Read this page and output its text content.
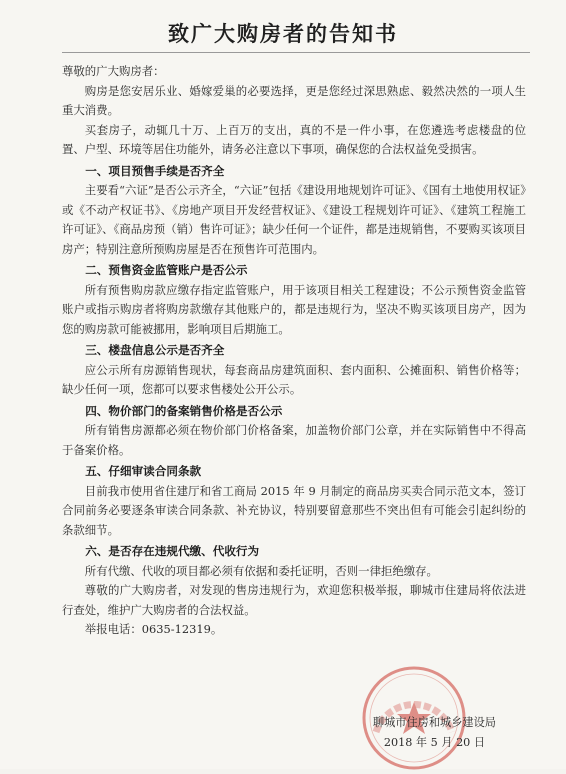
致广大购房者的告知书

尊敬的广大购房者：

购房是您安居乐业、婚嫁爱巢的必要选择，更是您经过深思熟虑、毅然决然的一项人生重大消费。

买套房子，动辄几十万、上百万的支出，真的不是一件小事，在您遴选考虑楼盘的位置、户型、环境等居住功能外，请务必注意以下事项，确保您的合法权益免受损害。

一、项目预售手续是否齐全

主要看“六证”是否公示齐全，“六证”包括《建设用地规划许可证》、《国有土地使用权证》或《不动产权证书》、《房地产项目开发经营权证》、《建设工程规划许可证》、《建筑工程施工许可证》、《商品房预（销）售许可证》；缺少任何一个证件，都是违规销售，不要购买该项目房产；特别注意所预购房屋是否在预售许可范围内。

二、预售资金监管账户是否公示

所有预售购房款应缴存指定监管账户，用于该项目相关工程建设；不公示预售资金监管账户或指示购房者将购房款缴存其他账户的，都是违规行为，坚决不购买该项目房产，因为您的购房款可能被挪用，影响项目后期施工。

三、楼盘信息公示是否齐全

应公示所有房源销售现状，每套商品房建筑面积、套内面积、公摊面积、销售价格等；缺少任何一项，您都可以要求售楼处公开公示。

四、物价部门的备案销售价格是否公示

所有销售房源都必须在物价部门价格备案，加盖物价部门公章，并在实际销售中不得高于备案价格。

五、仔细审读合同条款

目前我市使用省住建厅和省工商局 2015 年 9 月制定的商品房买卖合同示范文本，签订合同前务必要逐条审读合同条款、补充协议，特别要留意那些不突出但有可能会引起纠纷的条款细节。

六、是否存在违规代缴、代收行为

所有代缴、代收的项目都必须有依据和委托证明，否则一律拒绝缴存。

尊敬的广大购房者，对发现的售房违规行为，欢迎您积极举报，聊城市住建局将依法进行查处，维护广大购房者的合法权益。

举报电话：0635-12319。

聊城市住房和城乡建设局
2018 年 5 月 20 日
